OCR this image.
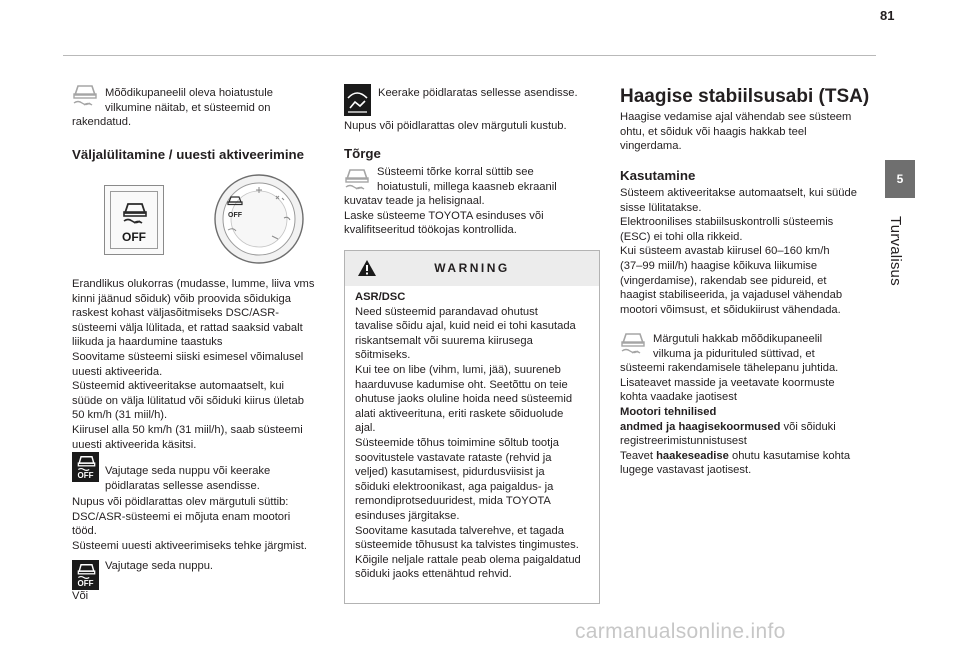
81
5
Turvalisus

Mõõdikupaneelil oleva hoiatustule

vilkumine näitab, et süsteemid on

rakendatud.

Väljalülitamine / uuesti aktiveerimine

OFF
OFF

Erandlikus olukorras (mudasse, lumme, liiva vms

kinni jäänud sõiduk) võib proovida sõidukiga

raskest kohast väljasõitmiseks DSC/ASR-

süsteemi välja lülitada, et rattad saaksid vabalt

liikuda ja haardumine taastuks

Soovitame süsteemi siiski esimesel võimalusel

uuesti aktiveerida.

Süsteemid aktiveeritakse automaatselt, kui

süüde on välja lülitatud või sõiduki kiirus ületab

50 km/h (31 miil/h).

Kiirusel alla 50 km/h (31 miil/h), saab süsteemi

uuesti aktiveerida käsitsi.

OFF	Vajutage seda nuppu või keerake

pöidlaratas sellesse asendisse.

Nupus või pöidlarattas olev märgutuli süttib:

DSC/ASR-süsteemi ei mõjuta enam mootori

tööd.

Süsteemi uuesti aktiveerimiseks tehke järgmist.

OFF

Vajutage seda nuppu.

Või

Keerake pöidlaratas sellesse asendisse.

Nupus või pöidlarattas olev märgutuli kustub.

Tõrge

Süsteemi tõrke korral süttib see

hoiatustuli, millega kaasneb ekraanil

kuvatav teade ja helisignaal.

Laske süsteeme TOYOTA esinduses või

kvalifitseeritud töökojas kontrollida.

WARNING

ASR/DSC

Need süsteemid parandavad ohutust

tavalise sõidu ajal, kuid neid ei tohi kasutada

riskantsemalt või suurema kiirusega

sõitmiseks.

Kui tee on libe (vihm, lumi, jää), suureneb

haarduvuse kadumise oht. Seetõttu on teie

ohutuse jaoks oluline hoida need süsteemid

alati aktiveerituna, eriti raskete sõiduolude

ajal.

Süsteemide tõhus toimimine sõltub tootja

soovitustele vastavate rataste (rehvid ja

veljed) kasutamisest, pidurdusviisist ja

sõiduki elektroonikast, aga paigaldus- ja

remondiprotseduuridest, mida TOYOTA

esinduses järgitakse.

Soovitame kasutada talverehve, et tagada

süsteemide tõhusust ka talvistes tingimustes.

Kõigile neljale rattale peab olema paigaldatud

sõiduki jaoks ettenähtud rehvid.

Haagise stabiilsusabi (TSA)

Haagise vedamise ajal vähendab see süsteem

ohtu, et sõiduk või haagis hakkab teel

vingerdama.

Kasutamine

Süsteem aktiveeritakse automaatselt, kui süüde

sisse lülitatakse.

Elektroonilises stabiilsuskontrolli süsteemis

(ESC) ei tohi olla rikkeid.

Kui süsteem avastab kiirusel 60–160 km/h

(37–99 miil/h) haagise kõikuva liikumise

(vingerdamise), rakendab see pidureid, et

haagist stabiliseerida, ja vajadusel vähendab

mootori võimsust, et sõidukiirust vähendada.

Märgutuli hakkab mõõdikupaneelil

vilkuma ja pidurituled süttivad, et

süsteemi rakendamisele tähelepanu juhtida.

Lisateavet masside ja veetavate koormuste

kohta vaadake jaotisest

Mootori tehnilised

andmed ja haagisekoormused või sõiduki

registreerimistunnistusest

Teavet haakeseadise ohutu kasutamise kohta

lugege vastavast jaotisest.

carmanualsonline.info
